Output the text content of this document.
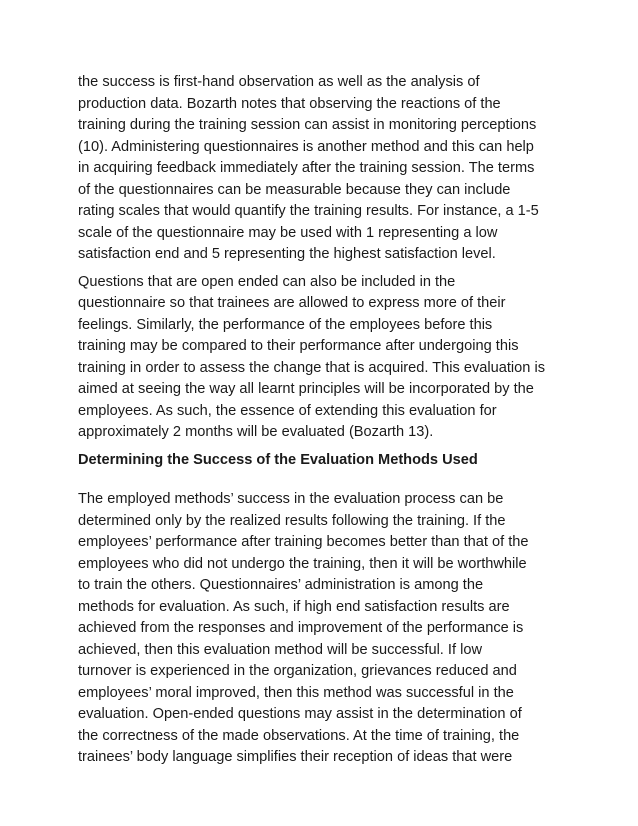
the success is first-hand observation as well as the analysis of
production data. Bozarth notes that observing the reactions of the
training during the training session can assist in monitoring perceptions
(10). Administering questionnaires is another method and this can help
in acquiring feedback immediately after the training session. The terms
of the questionnaires can be measurable because they can include
rating scales that would quantify the training results. For instance, a 1-5
scale of the questionnaire may be used with 1 representing a low
satisfaction end and 5 representing the highest satisfaction level.
Questions that are open ended can also be included in the
questionnaire so that trainees are allowed to express more of their
feelings. Similarly, the performance of the employees before this
training may be compared to their performance after undergoing this
training in order to assess the change that is acquired. This evaluation is
aimed at seeing the way all learnt principles will be incorporated by the
employees. As such, the essence of extending this evaluation for
approximately 2 months will be evaluated (Bozarth 13).
Determining the Success of the Evaluation Methods Used
The employed methods’ success in the evaluation process can be
determined only by the realized results following the training. If the
employees’ performance after training becomes better than that of the
employees who did not undergo the training, then it will be worthwhile
to train the others. Questionnaires’ administration is among the
methods for evaluation. As such, if high end satisfaction results are
achieved from the responses and improvement of the performance is
achieved, then this evaluation method will be successful. If low
turnover is experienced in the organization, grievances reduced and
employees’ moral improved, then this method was successful in the
evaluation. Open-ended questions may assist in the determination of
the correctness of the made observations. At the time of training, the
trainees’ body language simplifies their reception of ideas that were
